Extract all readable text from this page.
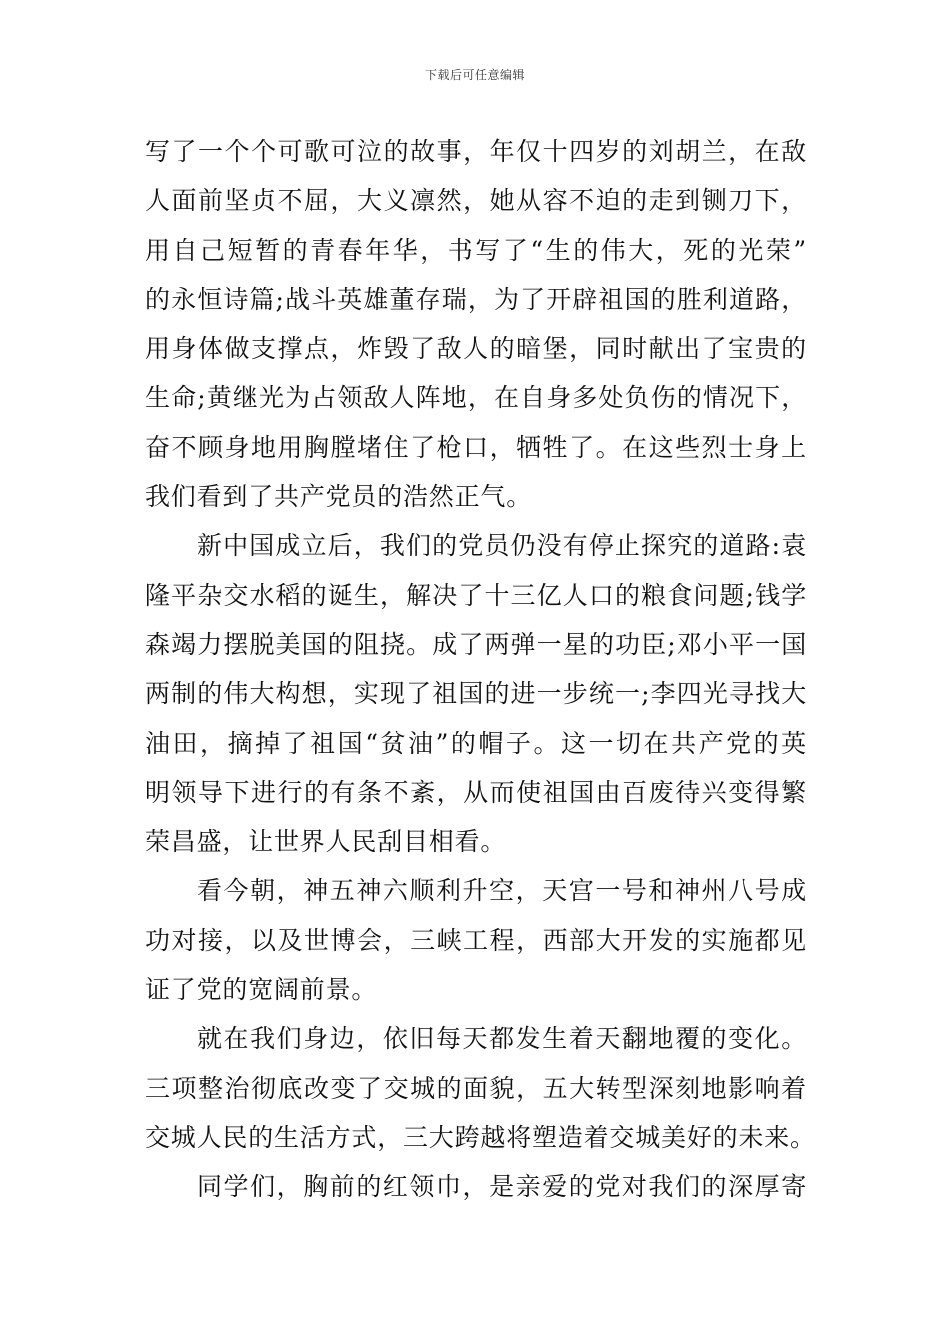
下载后可任意编辑
写了一个个可歌可泣的故事，年仅十四岁的刘胡兰，在敌
人面前坚贞不屈，大义凛然，她从容不迫的走到铡刀下，
用自己短暂的青春年华，书写了“生的伟大，死的光荣”
的永恒诗篇;战斗英雄董存瑞，为了开辟祖国的胜利道路，
用身体做支撑点，炸毁了敌人的暗堡，同时献出了宝贵的
生命;黄继光为占领敌人阵地，在自身多处负伤的情况下，
奋不顾身地用胸膛堵住了枪口，牺牲了。在这些烈士身上
我们看到了共产党员的浩然正气。
新中国成立后，我们的党员仍没有停止探究的道路:袁
隆平杂交水稻的诞生，解决了十三亿人口的粮食问题;钱学
森竭力摆脱美国的阻挠。成了两弹一星的功臣;邓小平一国
两制的伟大构想，实现了祖国的进一步统一;李四光寻找大
油田，摘掉了祖国“贫油”的帽子。这一切在共产党的英
明领导下进行的有条不紊，从而使祖国由百废待兴变得繁
荣昌盛，让世界人民刮目相看。
看今朝，神五神六顺利升空，天宫一号和神州八号成
功对接，以及世博会，三峡工程，西部大开发的实施都见
证了党的宽阔前景。
就在我们身边，依旧每天都发生着天翻地覆的变化。
三项整治彻底改变了交城的面貌，五大转型深刻地影响着
交城人民的生活方式，三大跨越将塑造着交城美好的未来。
同学们，胸前的红领巾，是亲爱的党对我们的深厚寄
